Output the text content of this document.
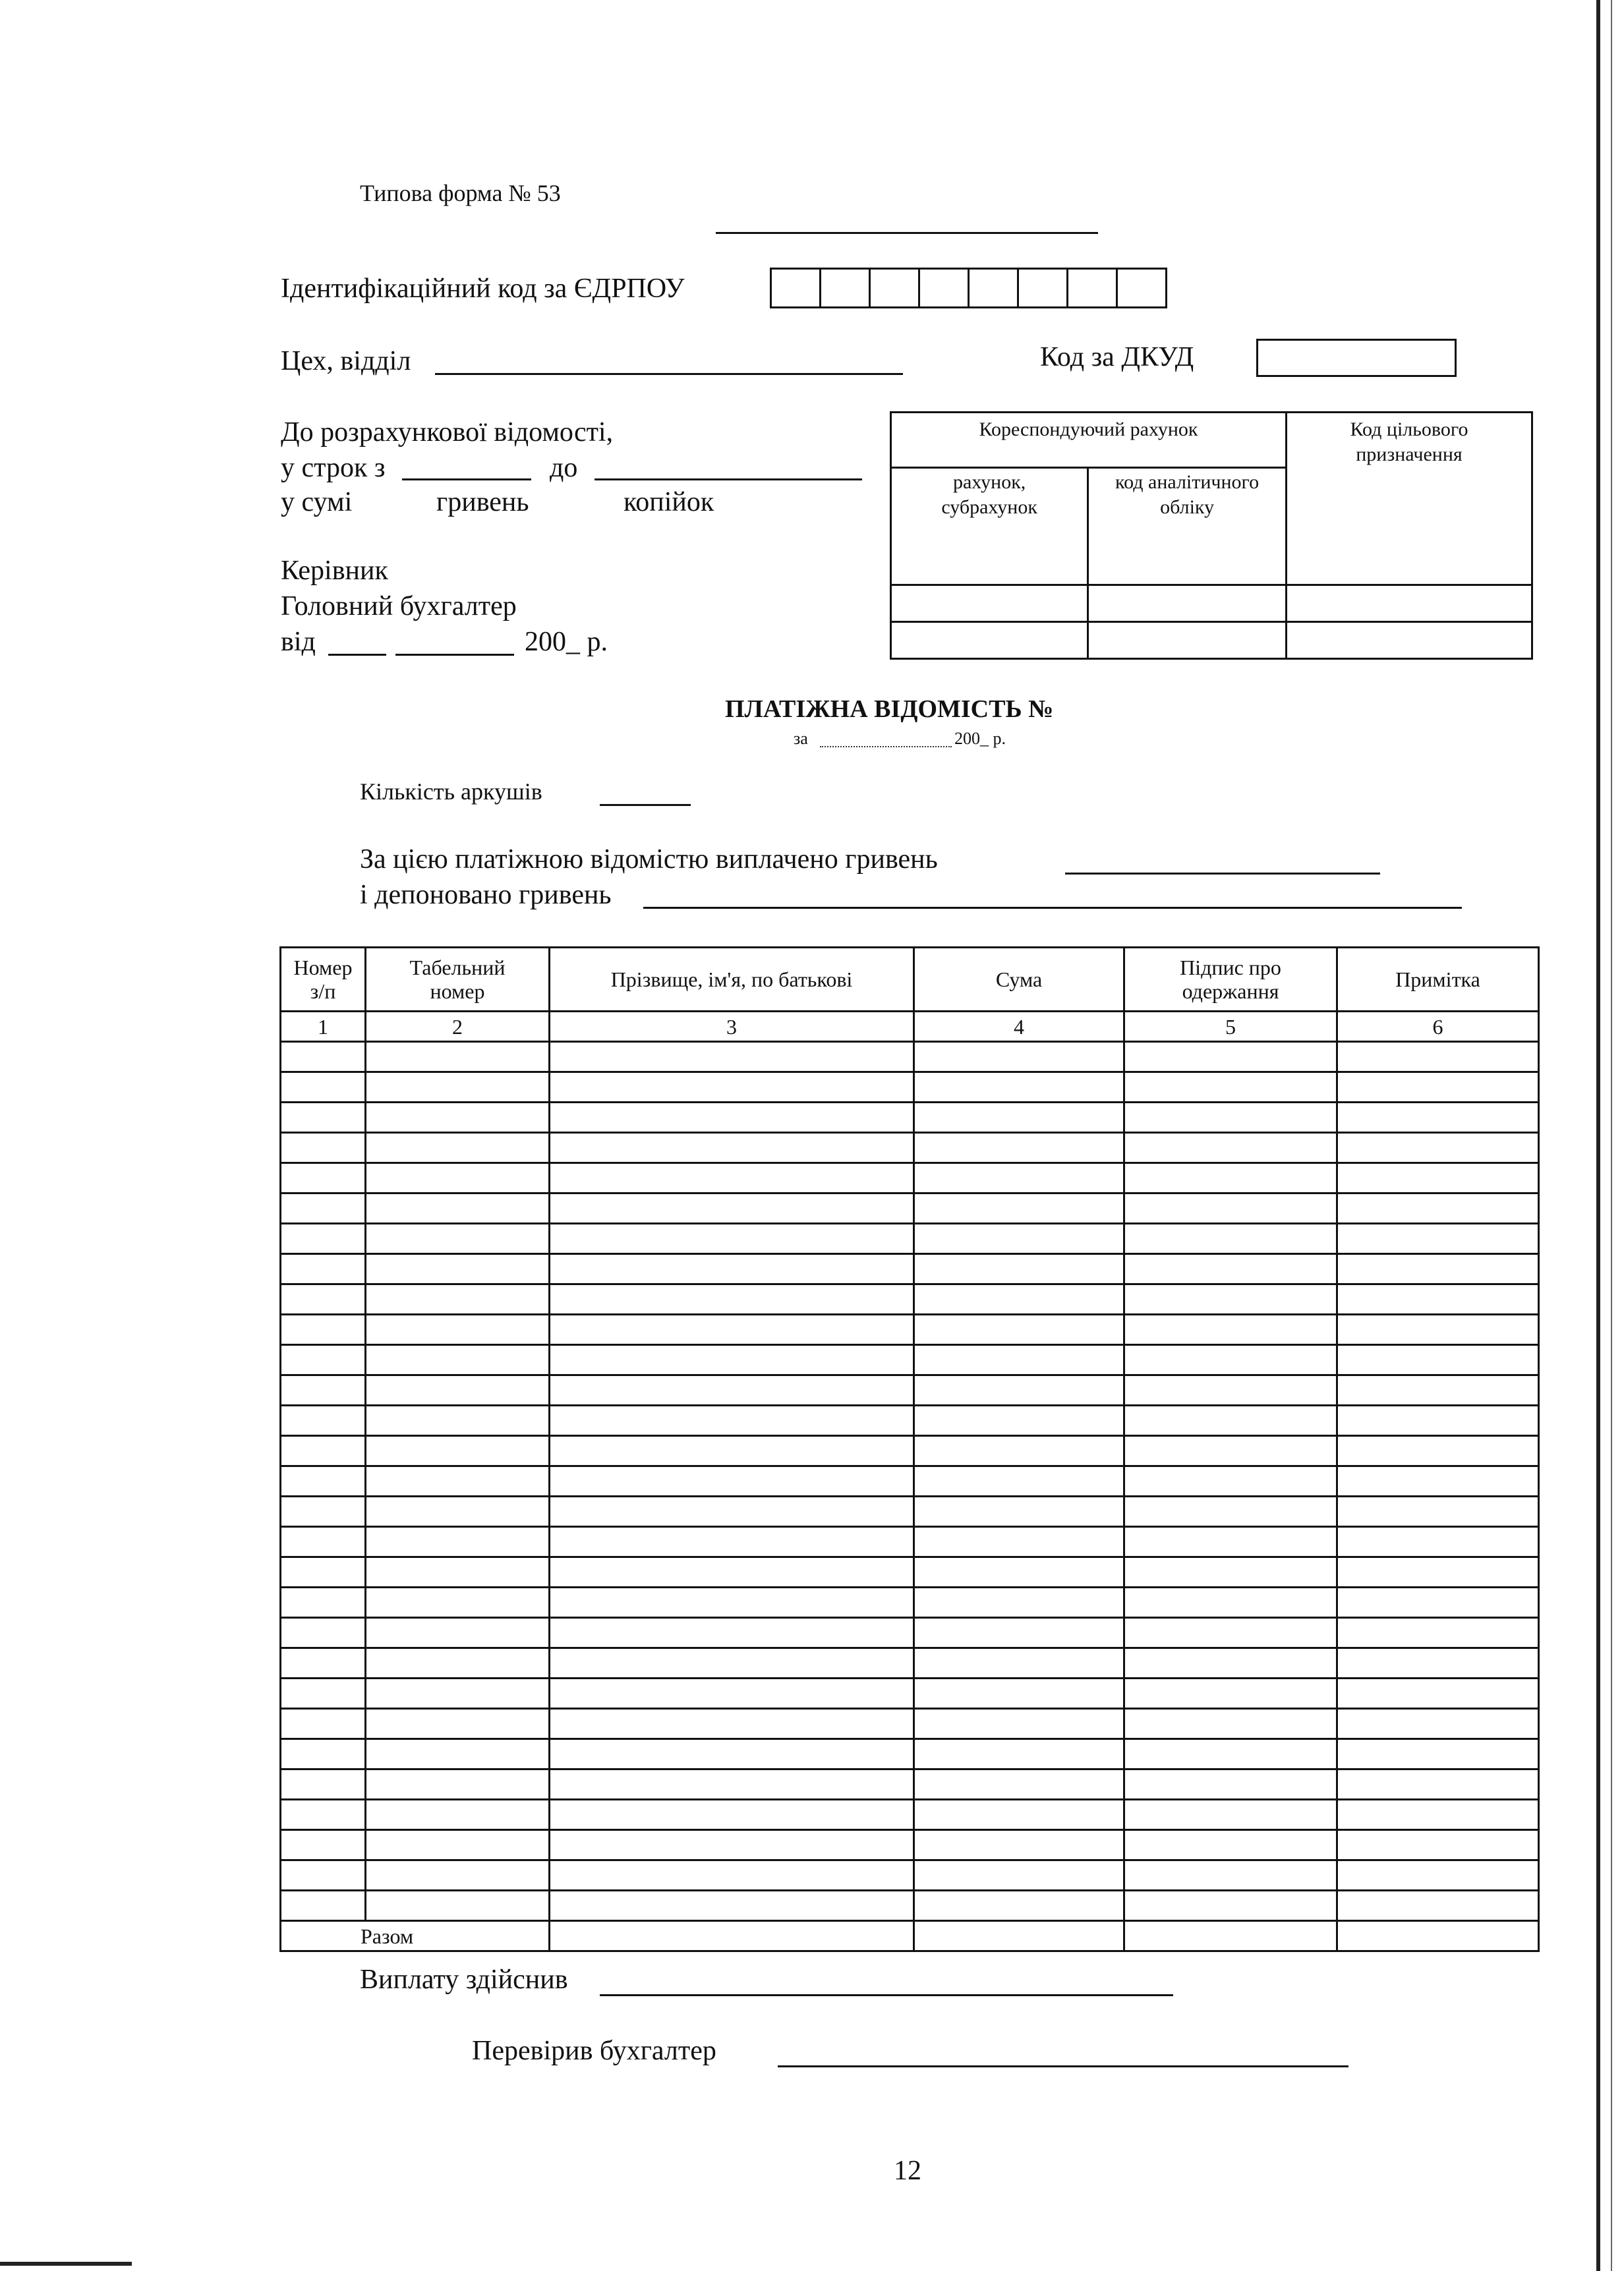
Типова форма № 53
Ідентифікаційний код за ЄДРПОУ
Цех, відділ	Код за ДКУД
До розрахункової відомості,
у строк з	до
у сумі	гривень	копійок
Керівник
Головний бухгалтер
від	200_ р.
Кореспондуючий рахунок		Код цільового призначення
рахунок, субрахунок	код аналітичного обліку	

ПЛАТІЖНА ВІДОМІСТЬ №
за	200_ р.
Кількість аркушів
За цією платіжною відомістю виплачено гривень
і депоновано гривень
Номер з/п	Табельний номер	Прізвище, ім'я, по батькові	Сума	Підпис про одержання	Примітка
1	2	3	4	5	6

Разом					
Виплату здійснив
Перевірив бухгалтер
12
